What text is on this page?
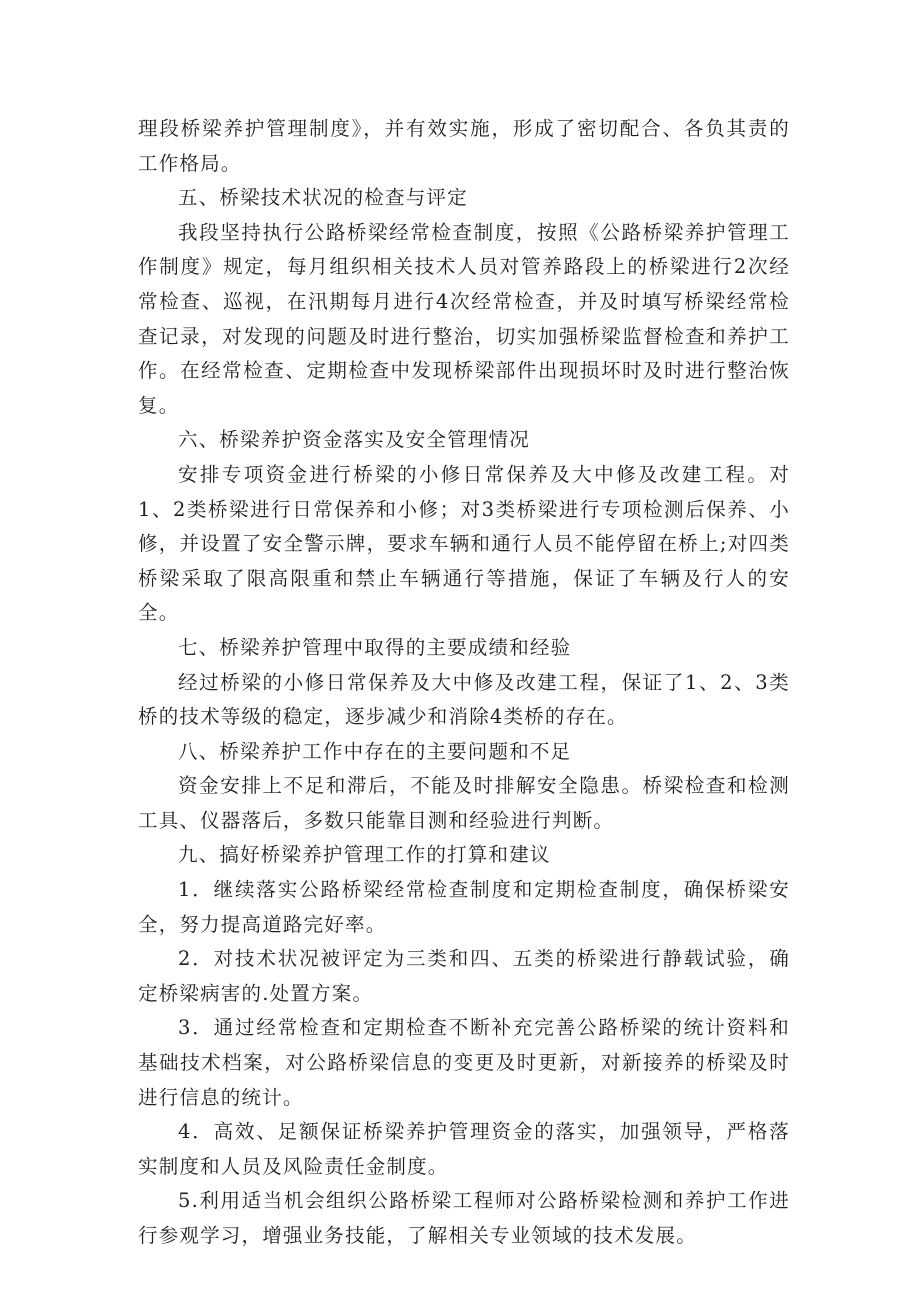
理段桥梁养护管理制度》，并有效实施，形成了密切配合、各负其责的工作格局。

五、桥梁技术状况的检查与评定

我段坚持执行公路桥梁经常检查制度，按照《公路桥梁养护管理工作制度》规定，每月组织相关技术人员对管养路段上的桥梁进行2次经常检查、巡视，在汛期每月进行4次经常检查，并及时填写桥梁经常检查记录，对发现的问题及时进行整治，切实加强桥梁监督检查和养护工作。在经常检查、定期检查中发现桥梁部件出现损坏时及时进行整治恢复。

六、桥梁养护资金落实及安全管理情况

安排专项资金进行桥梁的小修日常保养及大中修及改建工程。对1、2类桥梁进行日常保养和小修；对3类桥梁进行专项检测后保养、小修，并设置了安全警示牌，要求车辆和通行人员不能停留在桥上;对四类桥梁采取了限高限重和禁止车辆通行等措施，保证了车辆及行人的安全。

七、桥梁养护管理中取得的主要成绩和经验

经过桥梁的小修日常保养及大中修及改建工程，保证了1、2、3类桥的技术等级的稳定，逐步减少和消除4类桥的存在。

八、桥梁养护工作中存在的主要问题和不足

资金安排上不足和滞后，不能及时排解安全隐患。桥梁检查和检测工具、仪器落后，多数只能靠目测和经验进行判断。

九、搞好桥梁养护管理工作的打算和建议

1．继续落实公路桥梁经常检查制度和定期检查制度，确保桥梁安全，努力提高道路完好率。

2．对技术状况被评定为三类和四、五类的桥梁进行静载试验，确定桥梁病害的.处置方案。

3．通过经常检查和定期检查不断补充完善公路桥梁的统计资料和基础技术档案，对公路桥梁信息的变更及时更新，对新接养的桥梁及时进行信息的统计。

4．高效、足额保证桥梁养护管理资金的落实，加强领导，严格落实制度和人员及风险责任金制度。

5.利用适当机会组织公路桥梁工程师对公路桥梁检测和养护工作进行参观学习，增强业务技能，了解相关专业领域的技术发展。
